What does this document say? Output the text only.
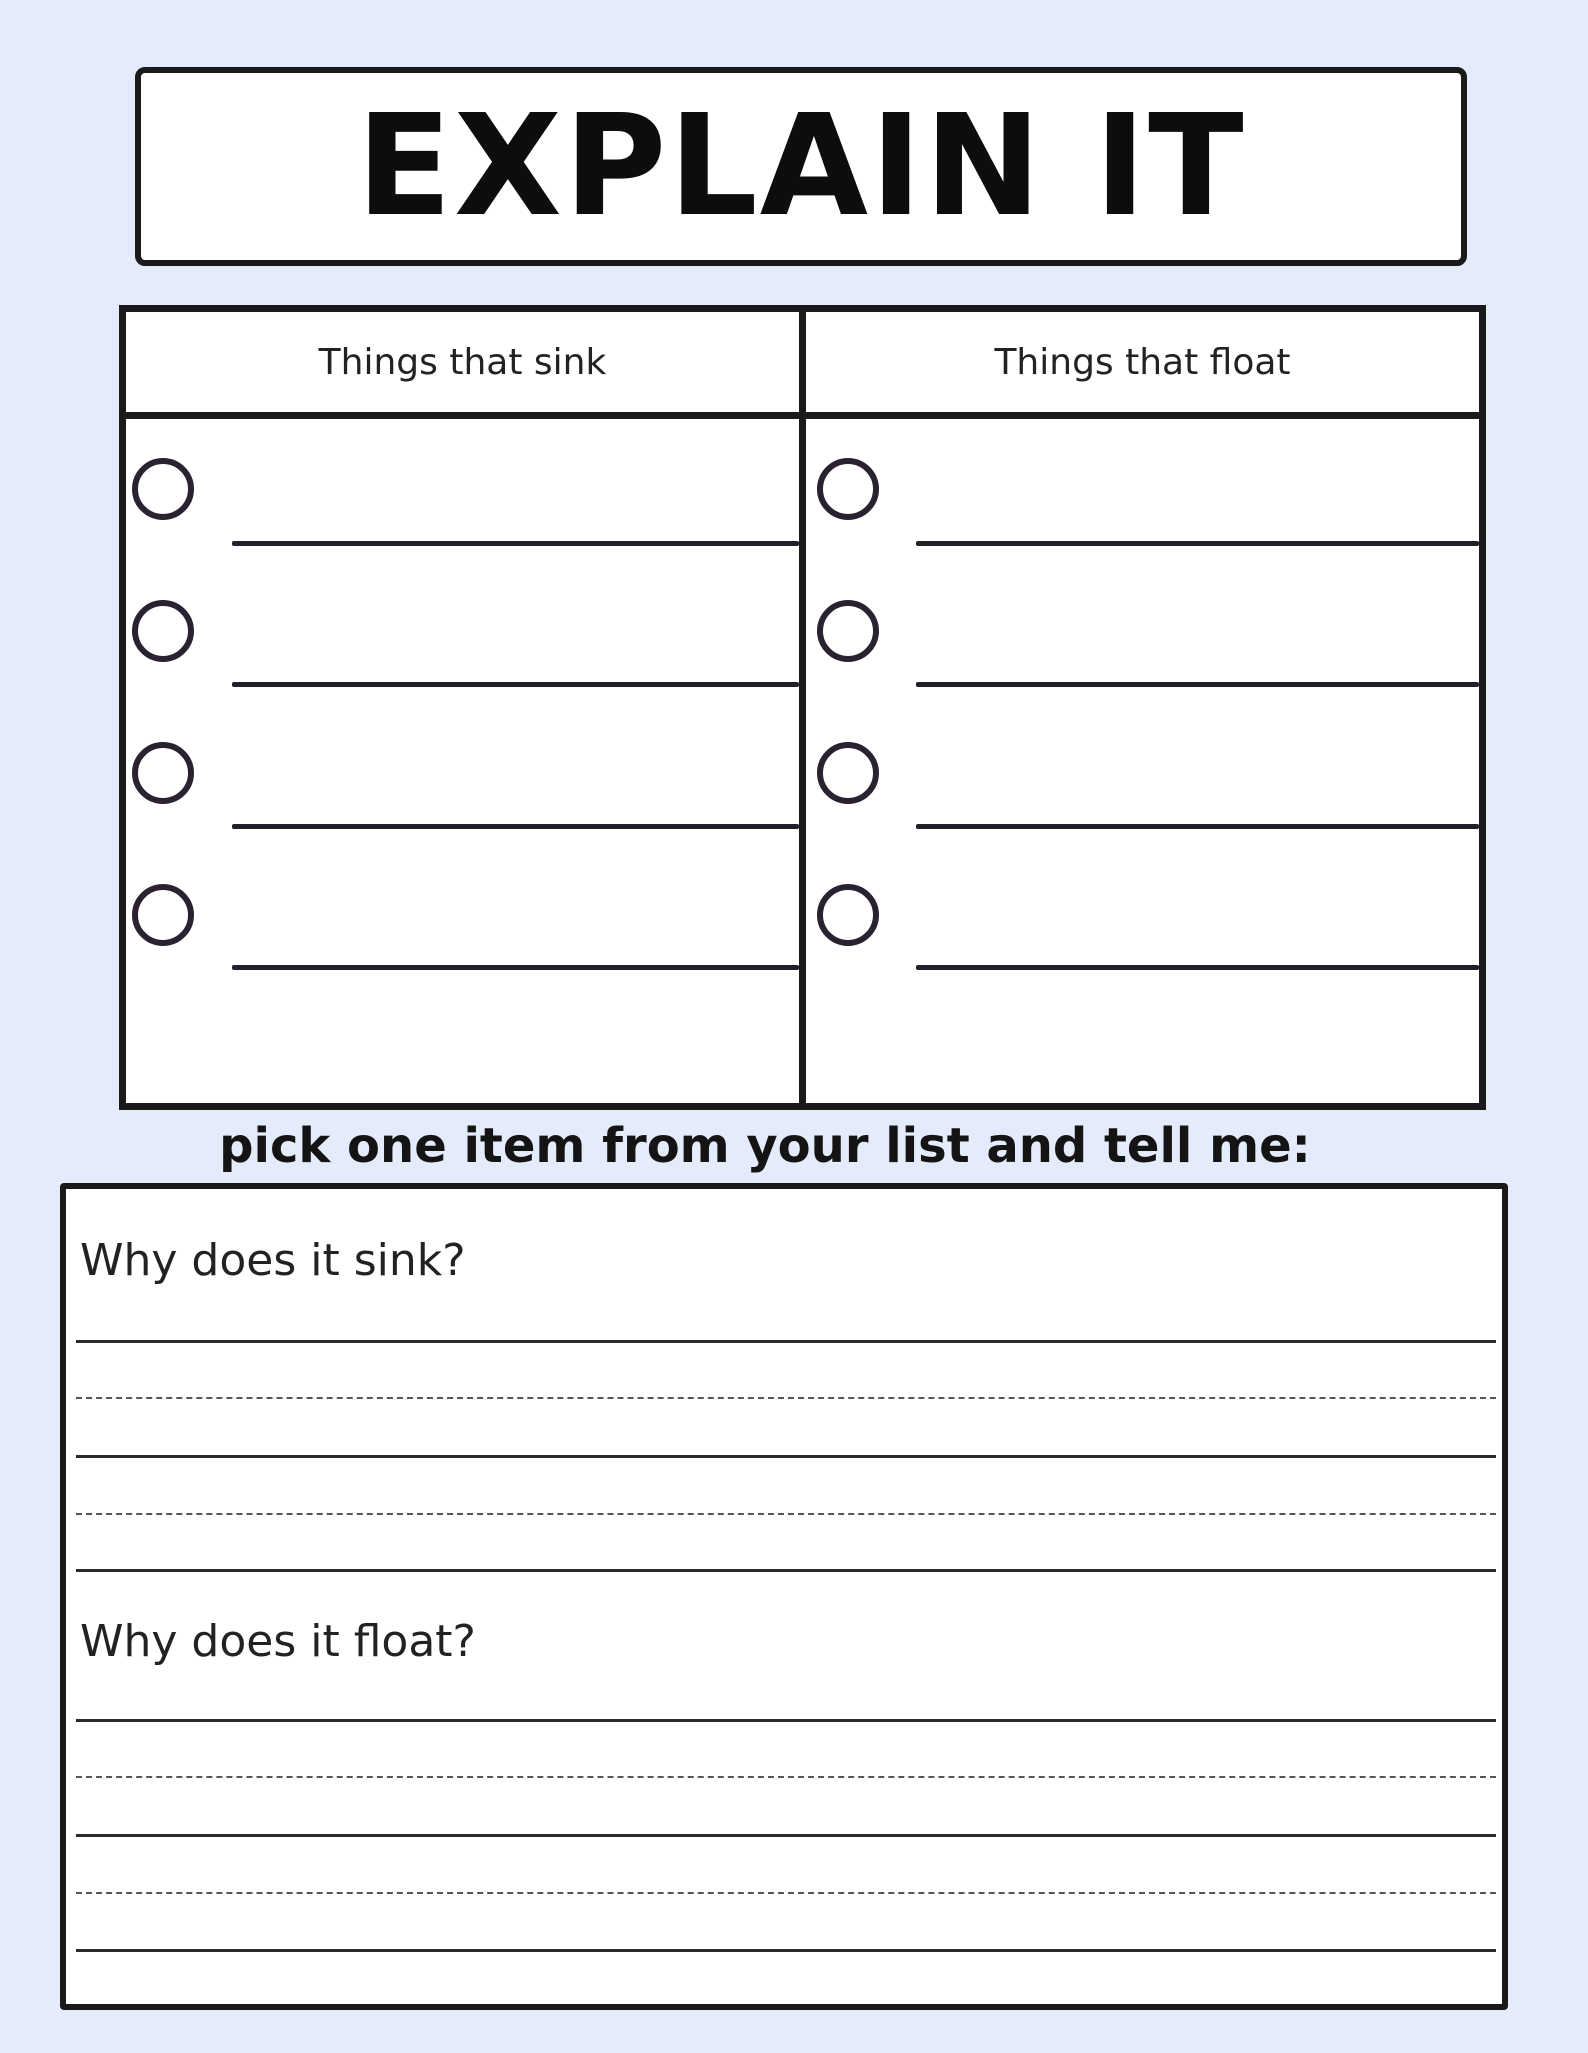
EXPLAIN IT
Things that sink	Things that float
pick one item from your list and tell me:
Why does it sink?
Why does it float?
